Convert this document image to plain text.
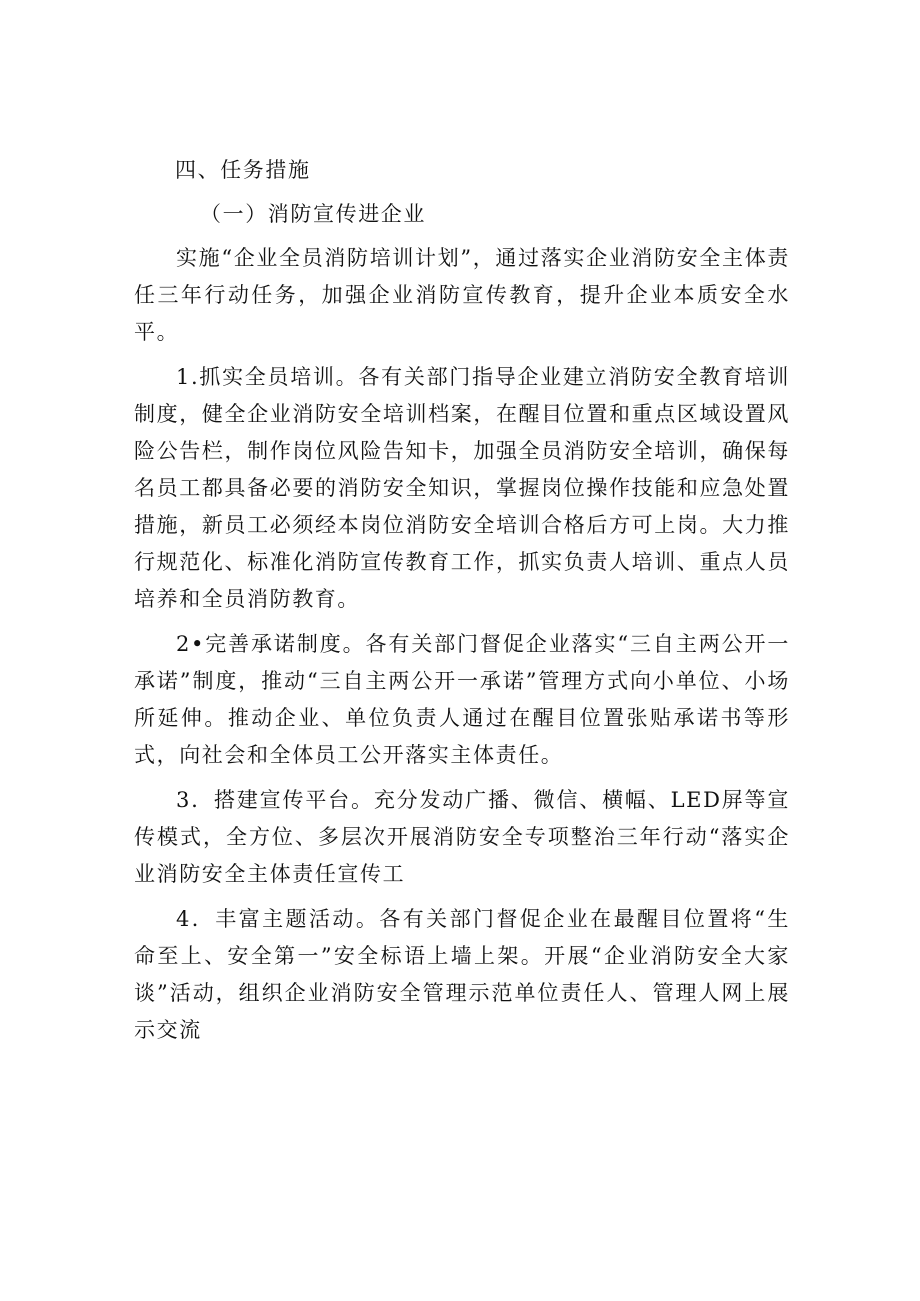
四、任务措施

（一）消防宣传进企业

实施“企业全员消防培训计划”，通过落实企业消防安全主体责任三年行动任务，加强企业消防宣传教育，提升企业本质安全水平。

1.抓实全员培训。各有关部门指导企业建立消防安全教育培训制度，健全企业消防安全培训档案，在醒目位置和重点区域设置风险公告栏，制作岗位风险告知卡，加强全员消防安全培训，确保每名员工都具备必要的消防安全知识，掌握岗位操作技能和应急处置措施，新员工必须经本岗位消防安全培训合格后方可上岗。大力推行规范化、标准化消防宣传教育工作，抓实负责人培训、重点人员培养和全员消防教育。

2•完善承诺制度。各有关部门督促企业落实“三自主两公开一承诺”制度，推动“三自主两公开一承诺”管理方式向小单位、小场所延伸。推动企业、单位负责人通过在醒目位置张贴承诺书等形式，向社会和全体员工公开落实主体责任。

3．搭建宣传平台。充分发动广播、微信、横幅、LED屏等宣传模式，全方位、多层次开展消防安全专项整治三年行动“落实企业消防安全主体责任宣传工

4．丰富主题活动。各有关部门督促企业在最醒目位置将“生命至上、安全第一”安全标语上墙上架。开展“企业消防安全大家谈”活动，组织企业消防安全管理示范单位责任人、管理人网上展示交流
